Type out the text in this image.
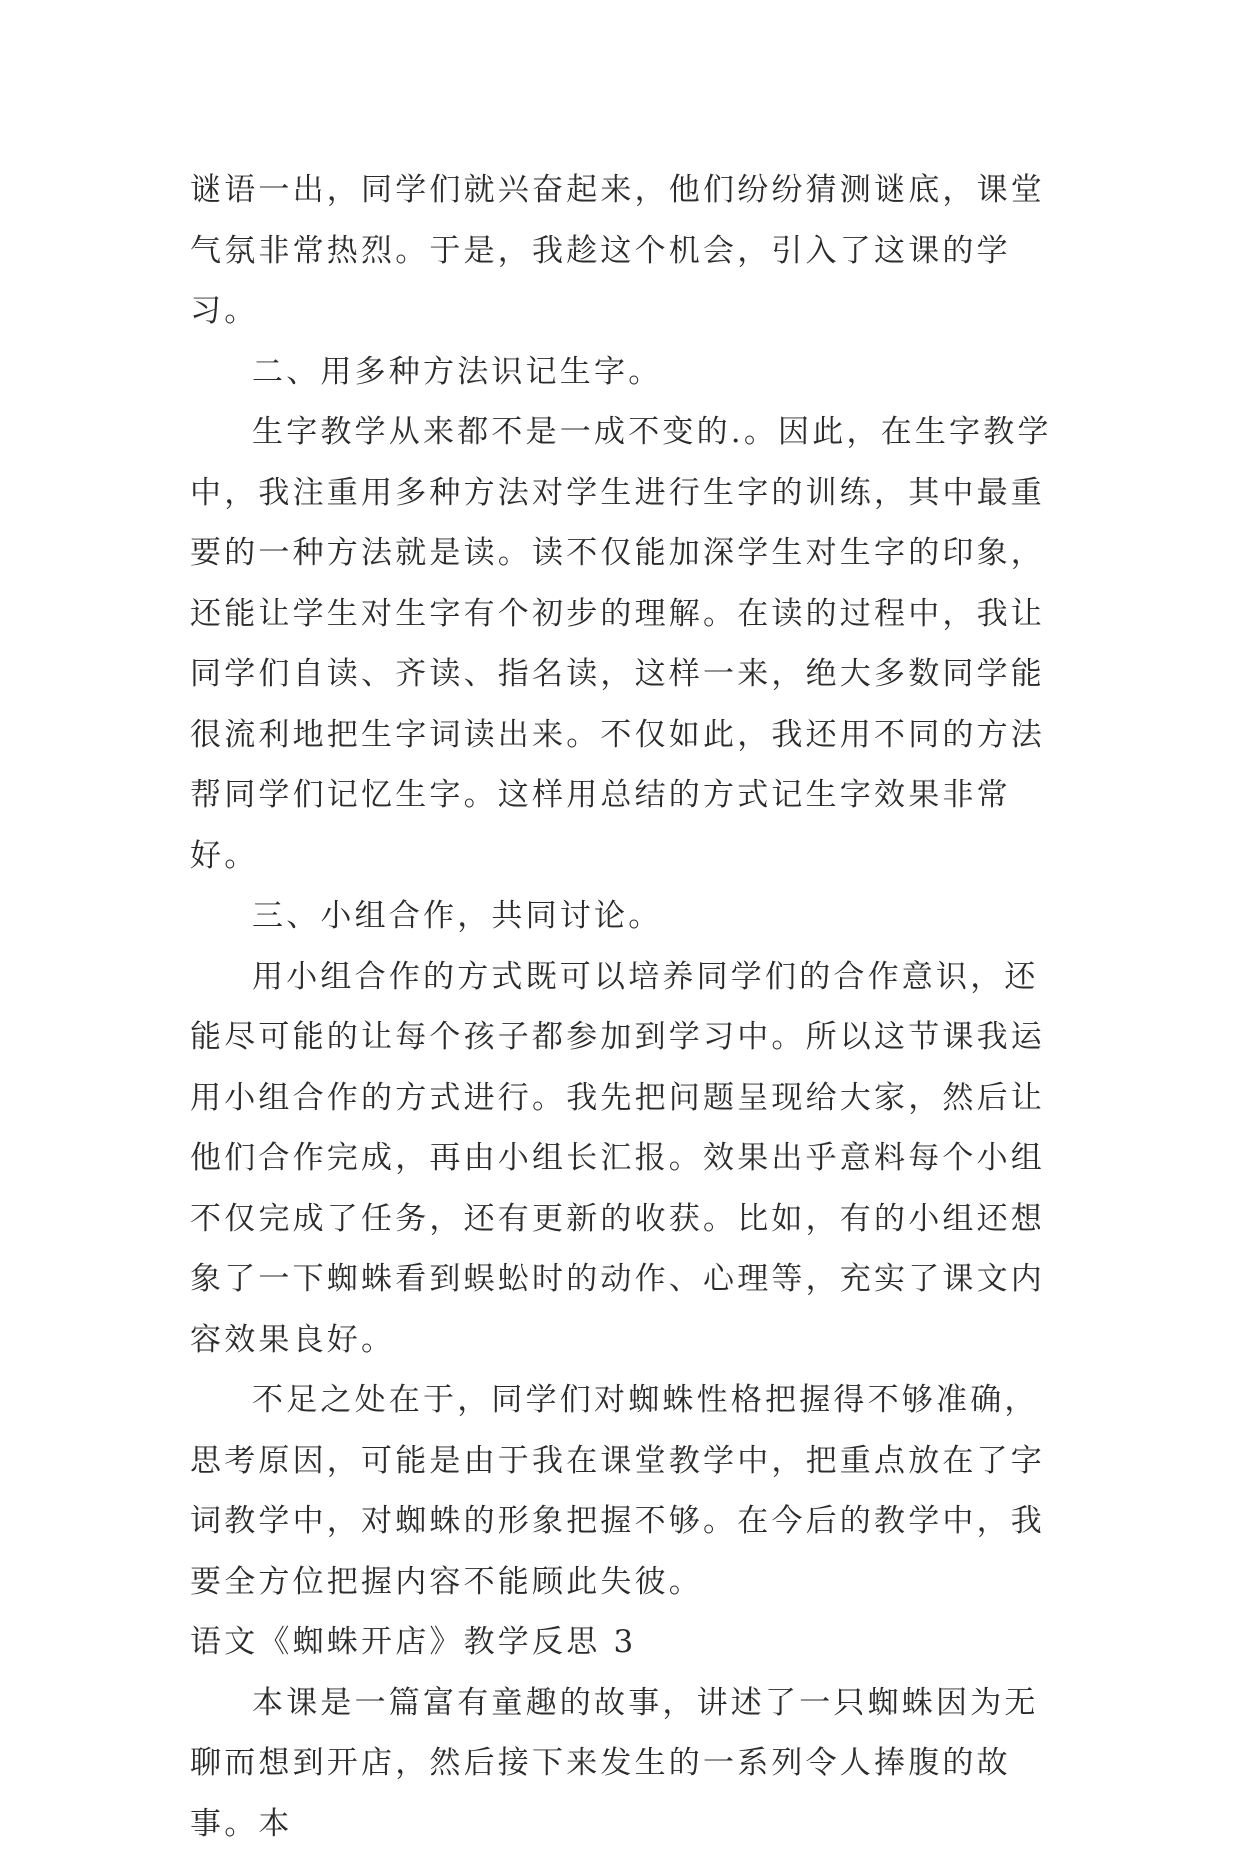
谜语一出，同学们就兴奋起来，他们纷纷猜测谜底，课堂气氛非常热烈。于是，我趁这个机会，引入了这课的学习。

二、用多种方法识记生字。

生字教学从来都不是一成不变的.。因此，在生字教学中，我注重用多种方法对学生进行生字的训练，其中最重要的一种方法就是读。读不仅能加深学生对生字的印象，还能让学生对生字有个初步的理解。在读的过程中，我让同学们自读、齐读、指名读，这样一来，绝大多数同学能很流利地把生字词读出来。不仅如此，我还用不同的方法帮同学们记忆生字。这样用总结的方式记生字效果非常好。

三、小组合作，共同讨论。

用小组合作的方式既可以培养同学们的合作意识，还能尽可能的让每个孩子都参加到学习中。所以这节课我运用小组合作的方式进行。我先把问题呈现给大家，然后让他们合作完成，再由小组长汇报。效果出乎意料每个小组不仅完成了任务，还有更新的收获。比如，有的小组还想象了一下蜘蛛看到蜈蚣时的动作、心理等，充实了课文内容效果良好。

不足之处在于，同学们对蜘蛛性格把握得不够准确，思考原因，可能是由于我在课堂教学中，把重点放在了字词教学中，对蜘蛛的形象把握不够。在今后的教学中，我要全方位把握内容不能顾此失彼。

语文《蜘蛛开店》教学反思 3

本课是一篇富有童趣的故事，讲述了一只蜘蛛因为无聊而想到开店，然后接下来发生的一系列令人捧腹的故事。本
